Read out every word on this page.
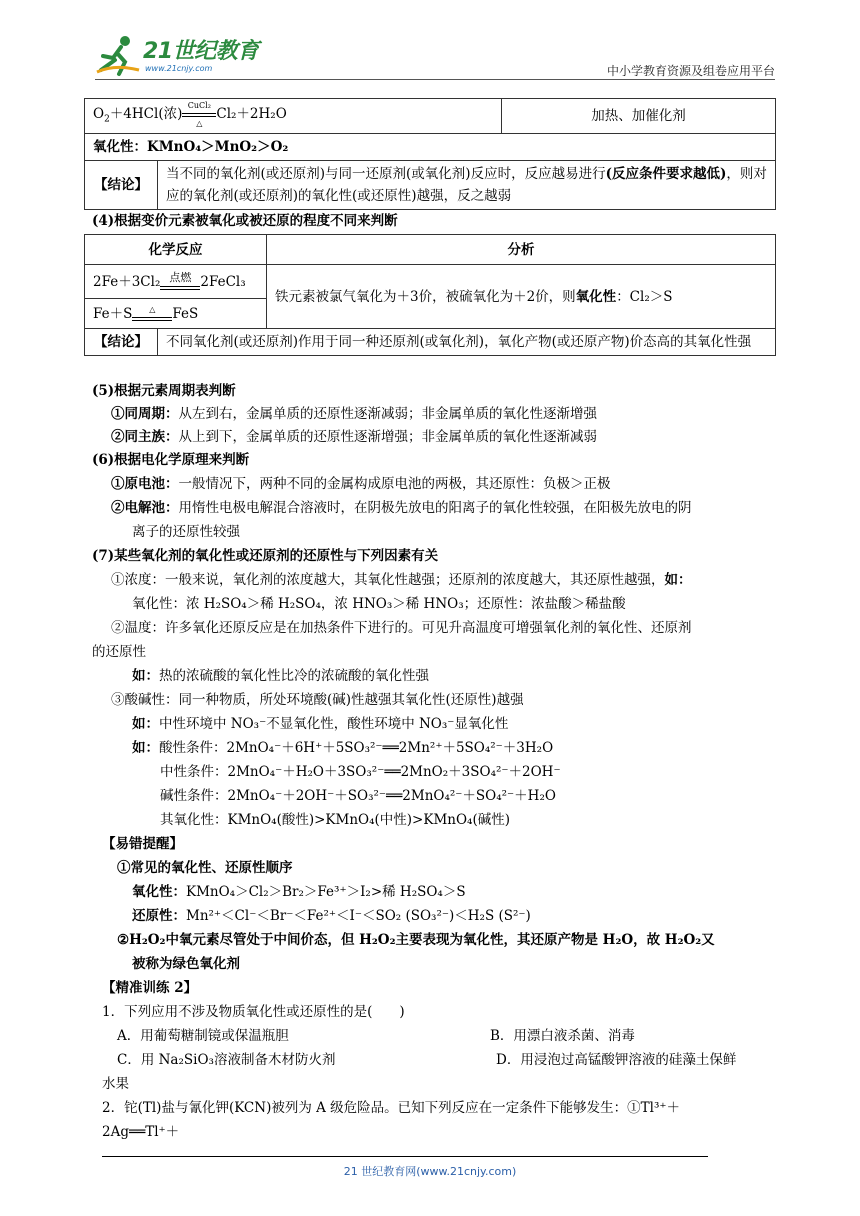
21世纪教育
www.21cnjy.com	中小学教育资源及组卷应用平台
$O_2+4HCl$(浓)CuCl₂

△Cl₂＋2H₂O	加热、加催化剂
氧化性：KMnO₄＞MnO₂＞O₂
【结论】	当不同的氧化剂(或还原剂)与同一还原剂(或氧化剂)反应时，反应越易进行(反应条件要求越低)，则对应的氧化剂(或还原剂)的氧化性(或还原性)越强，反之越弱
(4)根据变价元素被氧化或被还原的程度不同来判断
化学反应	分析
2Fe＋3Cl₂ 点燃 2FeCl₃	铁元素被氯气氧化为＋3价，被硫氧化为＋2价，则氧化性：Cl₂＞S
Fe＋S △ FeS	
【结论】	不同氧化剂(或还原剂)作用于同一种还原剂(或氧化剂)，氧化产物(或还原产物)价态高的其氧化性强
(5)根据元素周期表判断
①同周期：从左到右，金属单质的还原性逐渐减弱；非金属单质的氧化性逐渐增强
②同主族：从上到下，金属单质的还原性逐渐增强；非金属单质的氧化性逐渐减弱
(6)根据电化学原理来判断
①原电池：一般情况下，两种不同的金属构成原电池的两极，其还原性：负极＞正极
②电解池：用惰性电极电解混合溶液时，在阴极先放电的阳离子的氧化性较强，在阳极先放电的阴
离子的还原性较强
(7)某些氧化剂的氧化性或还原剂的还原性与下列因素有关
①浓度：一般来说，氧化剂的浓度越大，其氧化性越强；还原剂的浓度越大，其还原性越强，如：
氧化性：浓 H₂SO₄＞稀 H₂SO₄，浓 HNO₃＞稀 HNO₃；还原性：浓盐酸＞稀盐酸
②温度：许多氧化还原反应是在加热条件下进行的。可见升高温度可增强氧化剂的氧化性、还原剂
的还原性
如：热的浓硫酸的氧化性比冷的浓硫酸的氧化性强
③酸碱性：同一种物质，所处环境酸(碱)性越强其氧化性(还原性)越强
如：中性环境中 NO₃⁻不显氧化性，酸性环境中 NO₃⁻显氧化性
如：酸性条件：2MnO₄⁻＋6H⁺＋5SO₃²⁻══2Mn²⁺＋5SO₄²⁻＋3H₂O
中性条件：2MnO₄⁻＋H₂O＋3SO₃²⁻══2MnO₂＋3SO₄²⁻＋2OH⁻
碱性条件：2MnO₄⁻＋2OH⁻＋SO₃²⁻══2MnO₄²⁻＋SO₄²⁻＋H₂O
其氧化性：KMnO₄(酸性)>KMnO₄(中性)>KMnO₄(碱性)
【易错提醒】
①常见的氧化性、还原性顺序
氧化性：KMnO₄＞Cl₂＞Br₂＞Fe³⁺＞I₂>稀 H₂SO₄＞S
还原性：Mn²⁺＜Cl⁻＜Br⁻＜Fe²⁺＜I⁻＜SO₂ (SO₃²⁻)＜H₂S (S²⁻)
②H₂O₂中氧元素尽管处于中间价态，但 H₂O₂主要表现为氧化性，其还原产物是 H₂O，故 H₂O₂又
被称为绿色氧化剂
【精准训练 2】
1．下列应用不涉及物质氧化性或还原性的是(　　)
A．用葡萄糖制镜或保温瓶胆	B．用漂白液杀菌、消毒
C．用 Na₂SiO₃溶液制备木材防火剂	D．用浸泡过高锰酸钾溶液的硅藻土保鲜
水果
2．铊(Tl)盐与氰化钾(KCN)被列为 A 级危险品。已知下列反应在一定条件下能够发生：①Tl³⁺＋
2Ag══Tl⁺＋
21 世纪教育网(www.21cnjy.com)
